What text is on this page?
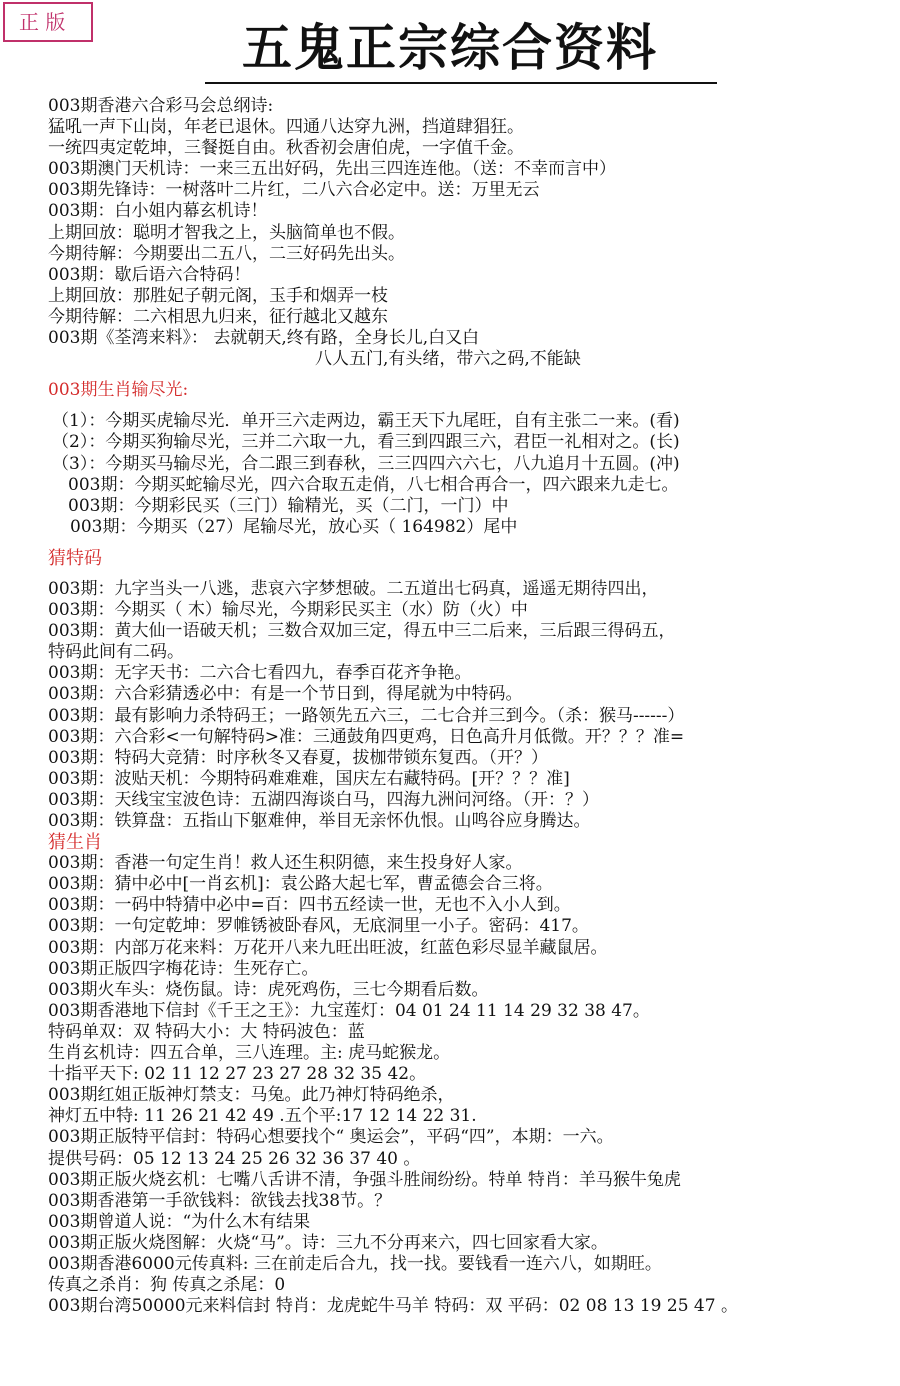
正 版	五鬼正宗综合资料
003期香港六合彩马会总纲诗:
猛吼一声下山岗，年老已退休。四通八达穿九洲，挡道肆猖狂。
一统四夷定乾坤，三餐挺自由。秋香初会唐伯虎，一字值千金。
003期澳门天机诗：一来三五出好码，先出三四连连他。（送：不幸而言中）
003期先锋诗：一树落叶二片红，二八六合必定中。送：万里无云
003期：白小姐内幕玄机诗！
上期回放：聪明才智我之上，头脑简单也不假。
今期待解：今期要出二五八，二三好码先出头。
003期：歇后语六合特码！
上期回放：那胜妃子朝元阁，玉手和烟弄一枝
今期待解：二六相思九归来，征行越北又越东
003期《荃湾来料》： 去就朝天,终有路，全身长儿,白又白
八人五门,有头绪，带六之码,不能缺
003期生肖输尽光:
（1）：今期买虎输尽光．单开三六走两边，霸王天下九尾旺，自有主张二一来。(看)
（2）：今期买狗输尽光，三并二六取一九，看三到四跟三六，君臣一礼相对之。(长)
（3）：今期买马输尽光，合二跟三到春秋，三三四四六六七，八九追月十五圆。(冲)
003期：今期买蛇输尽光，四六合取五走俏，八七相合再合一，四六跟来九走七。
003期：今期彩民买（三门）输精光，买（二门，一门）中
003期：今期买（27）尾输尽光，放心买（ 164982）尾中
猜特码
003期：九字当头一八逃，悲哀六字梦想破。二五道出七码真，遥遥无期待四出，
003期：今期买（ 木）输尽光，今期彩民买主（水）防（火）中
003期：黄大仙一语破天机；三数合双加三定，得五中三二后来，三后跟三得码五，
特码此间有二码。
003期：无字天书：二六合七看四九，春季百花齐争艳。
003期：六合彩猜透必中：有是一个节日到，得尾就为中特码。
003期：最有影响力杀特码王；一路领先五六三，二七合并三到今。（杀：猴马------）
003期：六合彩<一句解特码>准：三通鼓角四更鸡，日色高升月低微。开？？？准=
003期：特码大竞猜：时序秋冬又春夏，拔枷带锁东复西。（开？）
003期：波贴天机：今期特码难难难，国庆左右藏特码。[开？？？准]
003期：天线宝宝波色诗：五湖四海谈白马，四海九洲问河络。（开：？）
003期：铁算盘：五指山下躯难伸，举目无亲怀仇恨。山鸣谷应身腾达。
猜生肖
003期：香港一句定生肖！救人还生积阴德，来生投身好人家。
003期：猜中必中[一肖玄机]：袁公路大起七军，曹孟德会合三将。
003期：一码中特猜中必中=百：四书五经读一世，无也不入小人到。
003期：一句定乾坤：罗帷锈被卧春风，无底洞里一小子。密码：417。
003期：内部万花来料：万花开八来九旺出旺波，红蓝色彩尽显羊藏鼠居。
003期正版四字梅花诗：生死存亡。
003期火车头：烧伤鼠。诗：虎死鸡伤，三七今期看后数。
003期香港地下信封《千王之王》：九宝莲灯：04 01 24 11 14 29 32 38 47。
特码单双：双 特码大小：大 特码波色：蓝
生肖玄机诗：四五合单，三八连理。主: 虎马蛇猴龙。
十指平天下: 02 11 12 27 23 27 28 32 35 42。
003期红姐正版神灯禁支：马兔。此乃神灯特码绝杀，
神灯五中特: 11 26 21 42 49 .五个平:17 12 14 22 31.
003期正版特平信封：特码心想要找个“ 奥运会”，平码“四”，本期：一六。
提供号码：05 12 13 24 25 26 32 36 37 40 。
003期正版火烧玄机：七嘴八舌讲不清，争强斗胜闹纷纷。特单 特肖：羊马猴牛兔虎
003期香港第一手欲钱料：欲钱去找38节。？
003期曾道人说：“为什么木有结果
003期正版火烧图解：火烧“马”。诗：三九不分再来六，四七回家看大家。
003期香港6000元传真料: 三在前走后合九，找一找。要钱看一连六八，如期旺。
传真之杀肖：狗 传真之杀尾：0
003期台湾50000元来料信封 特肖：龙虎蛇牛马羊 特码：双 平码：02 08 13 19 25 47 。
